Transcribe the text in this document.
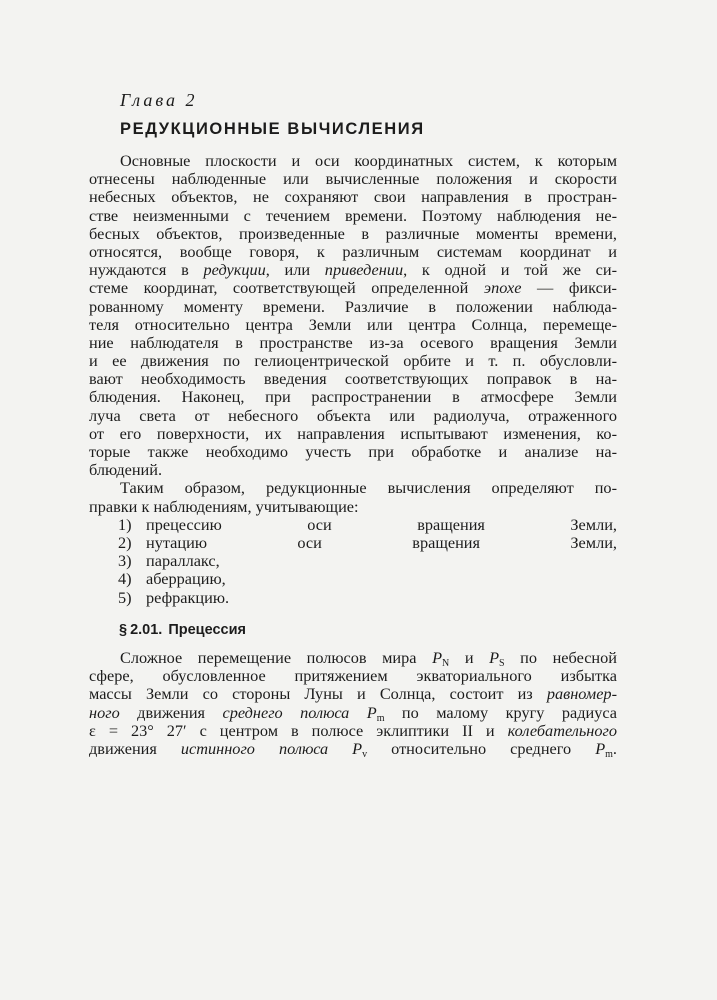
Глава 2
РЕДУКЦИОННЫЕ ВЫЧИСЛЕНИЯ
Основные плоскости и оси координатных систем, к которым
отнесены наблюденные или вычисленные положения и скорости
небесных объектов, не сохраняют свои направления в простран-
стве неизменными с течением времени. Поэтому наблюдения не-
бесных объектов, произведенные в различные моменты времени,
относятся, вообще говоря, к различным системам координат и
нуждаются в редукции, или приведении, к одной и той же си-
стеме координат, соответствующей определенной эпохе — фикси-
рованному моменту времени. Различие в положении наблюда-
теля относительно центра Земли или центра Солнца, перемеще-
ние наблюдателя в пространстве из-за осевого вращения Земли
и ее движения по гелиоцентрической орбите и т. п. обусловли-
вают необходимость введения соответствующих поправок в на-
блюдения. Наконец, при распространении в атмосфере Земли
луча света от небесного объекта или радиолуча, отраженного
от его поверхности, их направления испытывают изменения, ко-
торые также необходимо учесть при обработке и анализе на-
блюдений.
Таким образом, редукционные вычисления определяют по-
правки к наблюдениям, учитывающие:
1) прецессию оси вращения Земли,
2) нутацию оси вращения Земли,
3) параллакс,
4) аберрацию,
5) рефракцию.
§ 2.01. Прецессия
Сложное перемещение полюсов мира $P_N$ и $P_S$ по небесной
сфере, обусловленное притяжением экваториального избытка
массы Земли со стороны Луны и Солнца, состоит из равномер-
ного движения среднего полюса $P_m$ по малому кругу радиуса
ε = 23° 27′ с центром в полюсе эклиптики II и колебательного
движения истинного полюса $P_v$ относительно среднего $P_m$.
